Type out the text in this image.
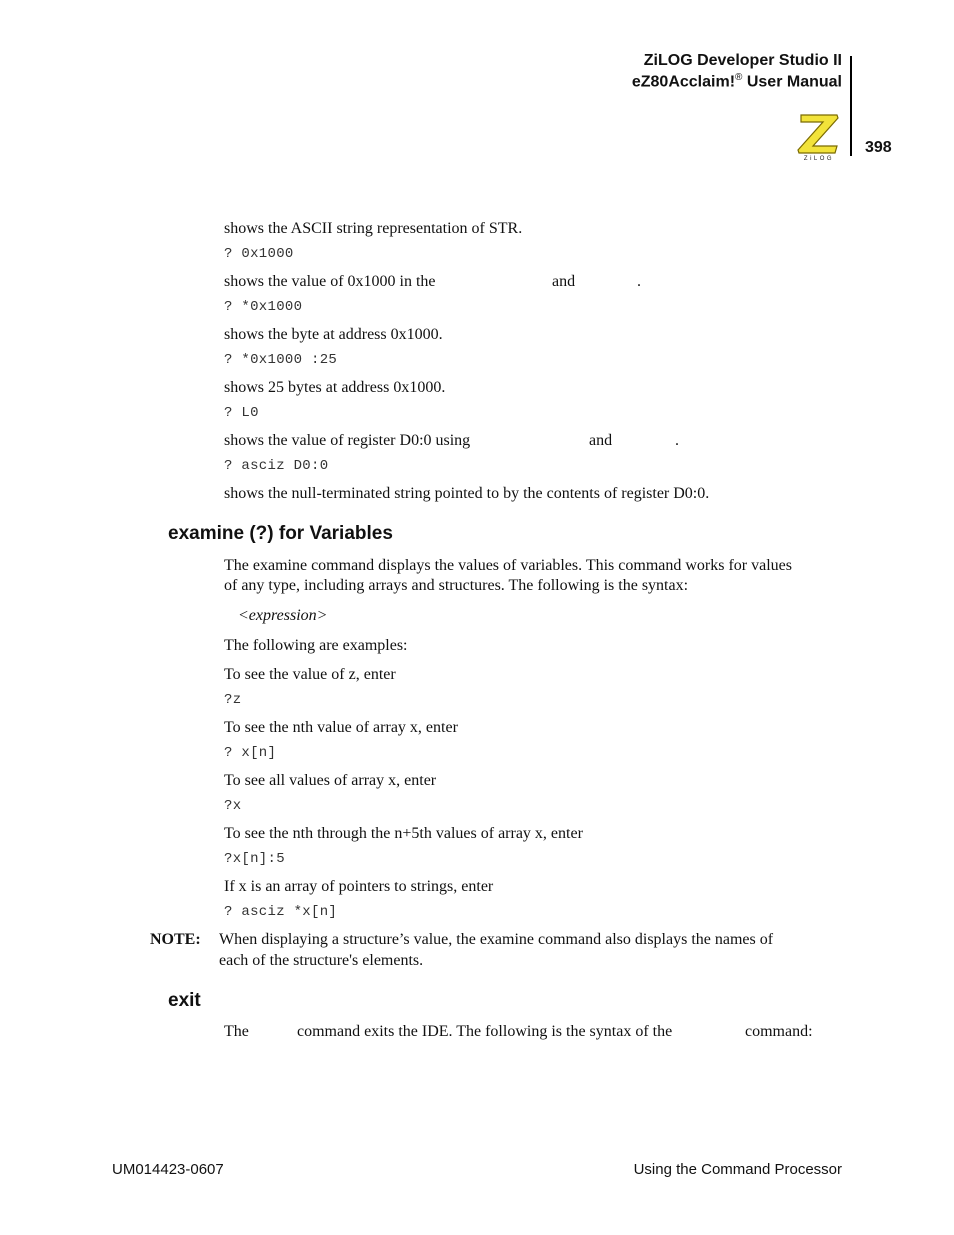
ZiLOG Developer Studio II
eZ80Acclaim!® User Manual
ZiLOG
398
shows the ASCII string representation of STR.
? 0x1000
shows the value of 0x1000 in the	and	.
? *0x1000
shows the byte at address 0x1000.
? *0x1000 :25
shows 25 bytes at address 0x1000.
? L0
shows the value of register D0:0 using	and	.
? asciz D0:0
shows the null-terminated string pointed to by the contents of register D0:0.
examine (?) for Variables
The examine command displays the values of variables. This command works for values
of any type, including arrays and structures. The following is the syntax:
<expression>
The following are examples:
To see the value of z, enter
?z
To see the nth value of array x, enter
? x[n]
To see all values of array x, enter
?x
To see the nth through the n+5th values of array x, enter
?x[n]:5
If x is an array of pointers to strings, enter
? asciz *x[n]
NOTE: When displaying a structure’s value, the examine command also displays the names of
each of the structure's elements.
exit
The	command exits the IDE. The following is the syntax of the	command:
UM014423-0607	Using the Command Processor
